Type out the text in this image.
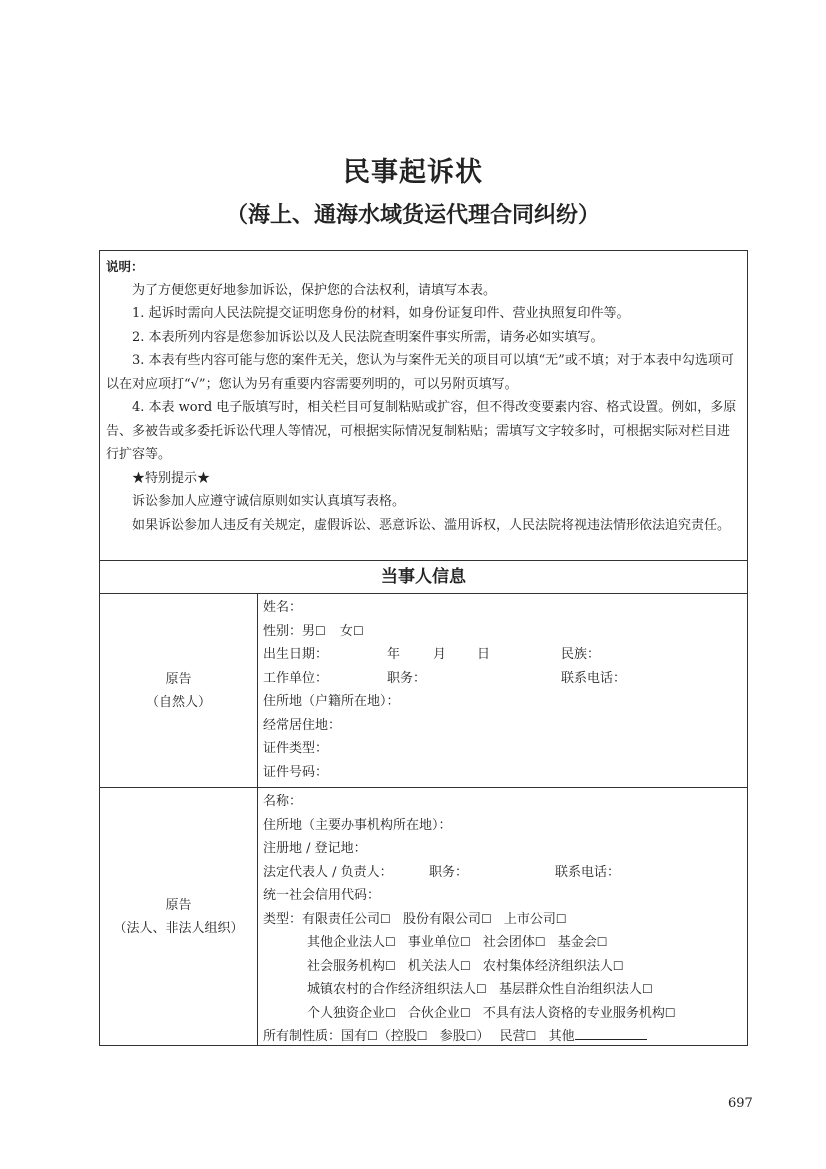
民事起诉状
（海上、通海水域货运代理合同纠纷）
说明：
为了方便您更好地参加诉讼，保护您的合法权利，请填写本表。
1. 起诉时需向人民法院提交证明您身份的材料，如身份证复印件、营业执照复印件等。
2. 本表所列内容是您参加诉讼以及人民法院查明案件事实所需，请务必如实填写。
3. 本表有些内容可能与您的案件无关，您认为与案件无关的项目可以填“无”或不填；对于本表中勾选项可以在对应项打“√”；您认为另有重要内容需要列明的，可以另附页填写。
4. 本表 word 电子版填写时，相关栏目可复制粘贴或扩容，但不得改变要素内容、格式设置。例如，多原告、多被告或多委托诉讼代理人等情况，可根据实际情况复制粘贴；需填写文字较多时，可根据实际对栏目进行扩容等。
★特别提示★
诉讼参加人应遵守诚信原则如实认真填写表格。
如果诉讼参加人违反有关规定，虚假诉讼、恶意诉讼、滥用诉权，人民法院将视违法情形依法追究责任。
当事人信息
原告
（自然人）
姓名：
性别：男☐ 女☐
出生日期：	年	月 日	民族：
工作单位：	职务：	联系电话：
住所地（户籍所在地）：
经常居住地：
证件类型：
证件号码：
原告
（法人、非法人组织）
名称：
住所地（主要办事机构所在地）：
注册地 / 登记地：
法定代表人 / 负责人：	职务：	联系电话：
统一社会信用代码：
类型：有限责任公司☐ 股份有限公司☐ 上市公司☐
其他企业法人☐ 事业单位☐ 社会团体☐ 基金会☐
社会服务机构☐ 机关法人☐ 农村集体经济组织法人☐
城镇农村的合作经济组织法人☐ 基层群众性自治组织法人☐
个人独资企业☐ 合伙企业☐ 不具有法人资格的专业服务机构☐
所有制性质：国有☐（控股☐ 参股☐） 民营☐ 其他
697
